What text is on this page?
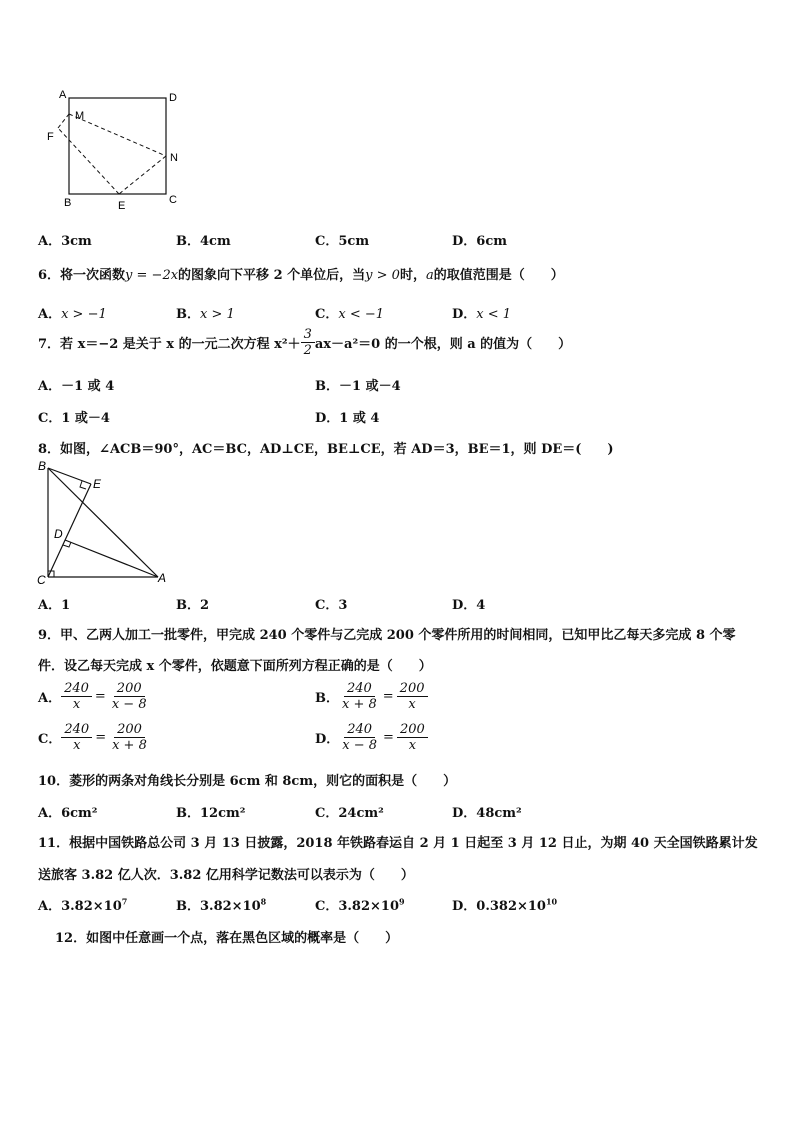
A	D
M
F
N
B	E	C
A．3cm	B．4cm	C．5cm	D．6cm
6．将一次函数y = −2x的图象向下平移 2 个单位后，当y > 0时，a的取值范围是（　　）
A．x > −1	B．x > 1	C．x < −1	D．x < 1
7．若 x＝−2 是关于 x 的一元二次方程 $x^2+ \frac{3}{2} ax-a^2=0$ 的一个根，则 a 的值为（　　）
A．－1 或 4	B．－1 或－4
C．1 或－4	D．1 或 4
8．如图，∠ACB＝90°，AC＝BC，AD⊥CE，BE⊥CE，若 AD＝3，BE＝1，则 DE＝(　　)
B
E
D
C	A
A．1	B．2	C．3	D．4
9．甲、乙两人加工一批零件，甲完成 240 个零件与乙完成 200 个零件所用的时间相同，已知甲比乙每天多完成 8 个零
件．设乙每天完成 x 个零件，依题意下面所列方程正确的是（　　）
A． $\frac{240}{x} = \frac{200}{x - 8}$	B． $\frac{240}{x + 8} = \frac{200}{x}$
C． $\frac{240}{x} = \frac{200}{x + 8}$	D． $\frac{240}{x - 8} = \frac{200}{x}$
10．菱形的两条对角线长分别是 6cm 和 8cm，则它的面积是（　　）
A．6cm²	B．12cm²	C．24cm²	D．48cm²
11．根据中国铁路总公司 3 月 13 日披露，2018 年铁路春运自 2 月 1 日起至 3 月 12 日止，为期 40 天全国铁路累计发
送旅客 3.82 亿人次．3.82 亿用科学记数法可以表示为（　　）
A．$3.82\times 10^7$	B．$3.82\times 10^8$	C．$3.82\times 10^9$	D．$0.382\times 10^{10}$
12．如图中任意画一个点，落在黑色区域的概率是（　　）
